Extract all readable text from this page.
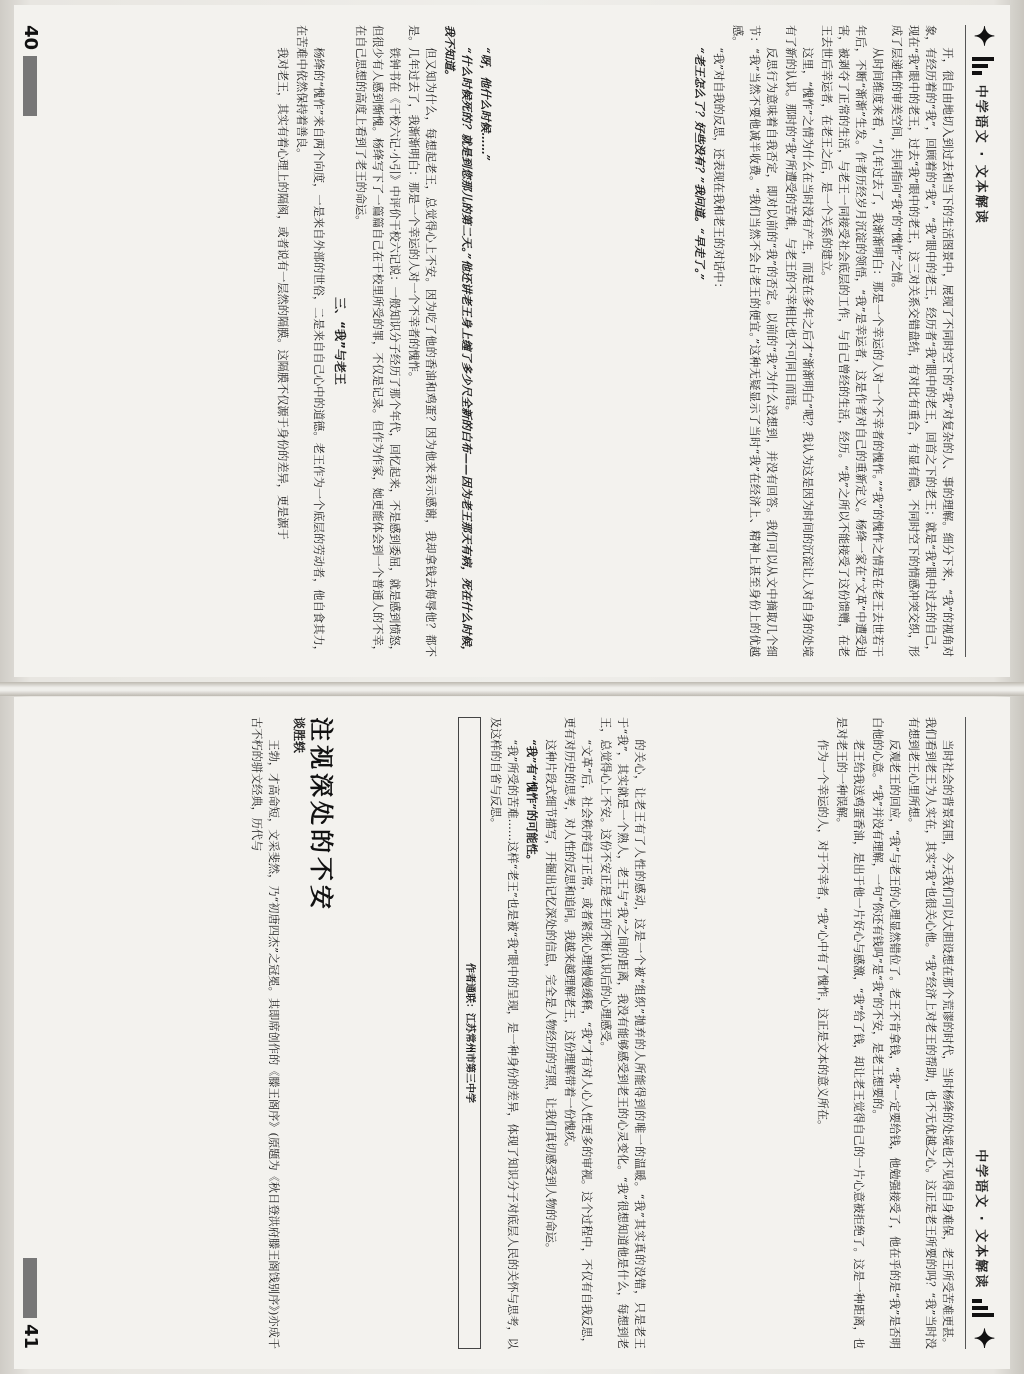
✦
中学语文 · 文本解读

开，很自由地切入到过去和当下的生活图景中，展现了不同时空下的“我”对复杂的人、事的理解。细分下来，“我”的视角对象，有经历着的“我”，回顾着的“我”，“我”眼中的老王，经历者“我”眼中的老王，回首之下的老王；就是“我”眼中过去的自己，现在“我”眼中的老王，过去“我”眼中的老王，这三对关系交错盘结，有对比有重合，有显有隐，不同时空下的情感冲突交织，形成了层递性的审美空间，共同指向“我”的“愧怍”之情。

从时间维度来看，“几年过去了，我渐渐明白：那是一个幸运的人对一个不幸者的愧怍。”“我”的愧怍之情是在老王去世若干年后，不断“渐渐”生发。作者历经岁月沉淀的领悟，“我”是幸运者，这是作者对自己的重新定义。杨绛一家在“文革”中遭受迫害，被剥夺了正常的生活，与老王一同接受社会底层的工作，与自己曾经的生活，经历。“我”之所以不能接受了这份馈赠，在老王去世后幸运者，在老王之后，是一个关系的建立。

这里，“愧怍”之情为什么在当时没有产生，而是在多年之后才“渐渐明白”呢？我认为这是因为时间的沉淀让人对自身的处境有了新的认识。那时的“我”所遭受的苦难，与老王的不幸相比也不可同日而语。

反思行为意味着自我否定，即对以前的“我”的否定。以前的“我”为什么没想到，并没有回答。我们可以从文中摘取几个细节：“我”当然不要他减半收费。“我们当然不会占老王的便宜。”这种无疑显示了当时“我”在经济上、精神上甚至身份上的优越感。

“我”对自我的反思，还表现在我和老王的对话中：

“老王怎么了？好些没有？”我问道。“早走了。”

“呀，他什么时候……”

“什么时候死的？就是到您那儿的第二天。”他还讲老王身上缠了多少尺全新的白布——因为老王那天有病，死在什么时候，我不知道。

但又知为什么，每想起老王，总觉得心上不安。因为吃了他的香油和鸡蛋？因为他来表示感谢，我却拿钱去侮辱他？都不是。几年过去了，我渐渐明白：那是一个幸运的人对一个不幸者的愧怍。

铁钟书在《干校六记·小引》中评价干校六记说：一般知识分子经历了那个年代，回忆起来，不是感到委屈，就是感到愤怒，但很少有人感到惭愧。杨绛写下了一篇篇自己在干校里所受的罪，不仅是记录。但作为作家，她更能体会到一个普通人的不幸，在自己思想的高度上看到了老王的命运。

三、“我”与老王

杨绛的“愧怍”来自两个向度，一是来自外部的世俗，二是来自自己心中的道德。老王作为一个底层的劳动者，他自食其力，在苦难中依然保持着善良。

我对老王，其实有着心理上的隔阂，或者说有一层然的隔膜。这隔膜不仅源于身份的差异，更是源于

40
中学语文 · 文本解读
✦

当时社会的背景氛围，今天我们可以大胆设想在那个荒谬的时代，当时杨绛的处境也不见得自身难保，老王所受苦难更甚。我们看到老王为人实在，其实“我”也很关心他。“我”经济上对老王的帮助，也不无优越之心。这正是老王所要的吗？“我”当时没有想到老王心里所想。

反观老王的回应，“我”与老王的心理显然错位了。老王不肯拿钱，“我”一定要给钱，他勉强接受了，他在乎的是“我”是否明白他的心意。“我”并没有理解，一句“你还有钱吗”是“我”的不安，是老王想要的。

老王给我送鸡蛋香油，是出于他一片好心与感激，“我”给了钱，却让老王觉得自己的一片心意被拒绝了。这是一种距离，也是对老王的一种误解。

作为一个幸运的人，对于不幸者，“我”心中有了愧怍，这正是文本的意义所在。

的关心，让老王有了人性的感动，这是一个被“组织”抛弃的人所能得到的唯一的温暖。“我”其实真的没错，只是老王于“我”，其实就是一个熟人，老王与“我”之间的距离，我没有能够感受到老王的心灵变化。“我”很想知道他是什么，每想到老王，总觉得心上不安。这份不安正是老王的不断认识后的心理感受。

“文革”后，社会秩序趋于正常，或者紧张心理慢慢缓释，“我”才有对人心人性更多的审视。这个过程中，不仅有自我反思，更有对历史的思考，对人性的反思和追问。我越来越理解老王，这份理解带着一份愧疚。

这种片段式细节描写，开掘出记忆深处的信息，完全是人物经历的写照，让我们真切感受到人物的命运。

“我”有“愧怍”的可能性。

“我”所受的苦难……这样“老王”也是被“我”眼中的呈现，是一种身份的差异，体现了知识分子对底层人民的关怀与思考，以及这样的自省与反思。

作者通联：江苏常州市第三中学
注视深处的不安
谈胜轶

王勃，才高命短，文采斐然，乃“初唐四杰”之冠冕。其即席创作的《滕王阁序》(原题为《秋日登洪府滕王阁饯别序》)亦成千古不朽的骈文经典，历代与

41
